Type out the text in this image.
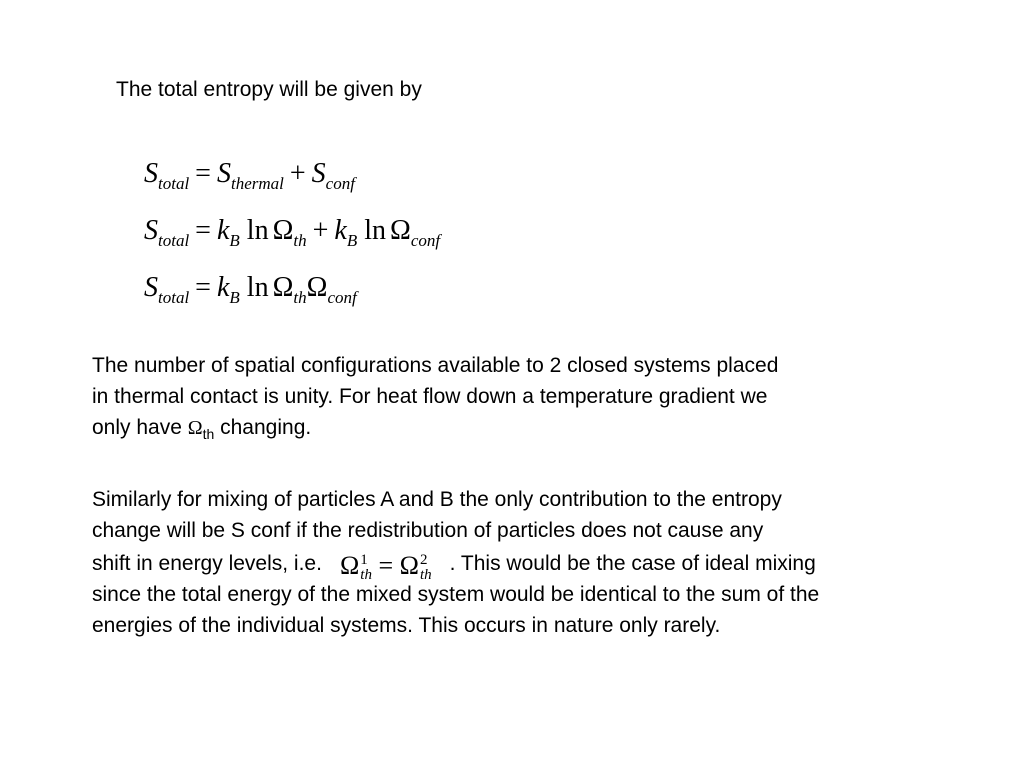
The total entropy will be given by
$S_{total} = S_{thermal} + S_{conf}$
$S_{total} = k_B$ $\ln \Omega_{th} + k_B$ $\ln \Omega_{conf}$
$S_{total} = k_B$ $\ln \Omega_{th}\Omega_{conf}$
The number of spatial configurations available to 2 closed systems placed
in thermal contact is unity. For heat flow down a temperature gradient we
only have $\Omega_{th}$ changing.
Similarly for mixing of particles A and B the only contribution to the entropy
change will be S conf if the redistribution of particles does not cause any
shift in energy levels, i.e. Ω 1
th = Ω 2
th
. This would be the case of ideal mixing
since the total energy of the mixed system would be identical to the sum of the
energies of the individual systems. This occurs in nature only rarely.
